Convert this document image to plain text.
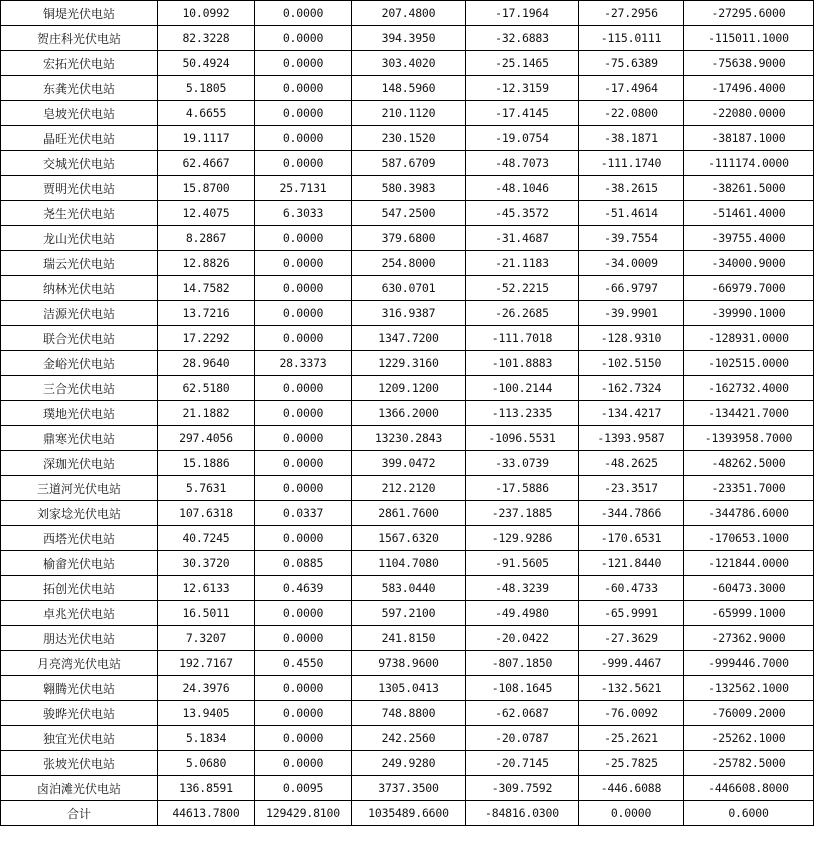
铜堤光伏电站	10.0992	0.0000	207.4800	-17.1964	-27.2956	-27295.6000
贺庄科光伏电站	82.3228	0.0000	394.3950	-32.6883	-115.0111	-115011.1000
宏拓光伏电站	50.4924	0.0000	303.4020	-25.1465	-75.6389	-75638.9000
东龚光伏电站	5.1805	0.0000	148.5960	-12.3159	-17.4964	-17496.4000
皂坡光伏电站	4.6655	0.0000	210.1120	-17.4145	-22.0800	-22080.0000
晶旺光伏电站	19.1117	0.0000	230.1520	-19.0754	-38.1871	-38187.1000
交城光伏电站	62.4667	0.0000	587.6709	-48.7073	-111.1740	-111174.0000
贾明光伏电站	15.8700	25.7131	580.3983	-48.1046	-38.2615	-38261.5000
尧生光伏电站	12.4075	6.3033	547.2500	-45.3572	-51.4614	-51461.4000
龙山光伏电站	8.2867	0.0000	379.6800	-31.4687	-39.7554	-39755.4000
瑞云光伏电站	12.8826	0.0000	254.8000	-21.1183	-34.0009	-34000.9000
纳林光伏电站	14.7582	0.0000	630.0701	-52.2215	-66.9797	-66979.7000
洁源光伏电站	13.7216	0.0000	316.9387	-26.2685	-39.9901	-39990.1000
联合光伏电站	17.2292	0.0000	1347.7200	-111.7018	-128.9310	-128931.0000
金峪光伏电站	28.9640	28.3373	1229.3160	-101.8883	-102.5150	-102515.0000
三合光伏电站	62.5180	0.0000	1209.1200	-100.2144	-162.7324	-162732.4000
璞地光伏电站	21.1882	0.0000	1366.2000	-113.2335	-134.4217	-134421.7000
鼎寒光伏电站	297.4056	0.0000	13230.2843	-1096.5531	-1393.9587	-1393958.7000
深珈光伏电站	15.1886	0.0000	399.0472	-33.0739	-48.2625	-48262.5000
三道河光伏电站	5.7631	0.0000	212.2120	-17.5886	-23.3517	-23351.7000
刘家埝光伏电站	107.6318	0.0337	2861.7600	-237.1885	-344.7866	-344786.6000
西塔光伏电站	40.7245	0.0000	1567.6320	-129.9286	-170.6531	-170653.1000
榆畲光伏电站	30.3720	0.0885	1104.7080	-91.5605	-121.8440	-121844.0000
拓创光伏电站	12.6133	0.4639	583.0440	-48.3239	-60.4733	-60473.3000
卓兆光伏电站	16.5011	0.0000	597.2100	-49.4980	-65.9991	-65999.1000
朋达光伏电站	7.3207	0.0000	241.8150	-20.0422	-27.3629	-27362.9000
月亮湾光伏电站	192.7167	0.4550	9738.9600	-807.1850	-999.4467	-999446.7000
翱腾光伏电站	24.3976	0.0000	1305.0413	-108.1645	-132.5621	-132562.1000
骏晔光伏电站	13.9405	0.0000	748.8800	-62.0687	-76.0092	-76009.2000
独宜光伏电站	5.1834	0.0000	242.2560	-20.0787	-25.2621	-25262.1000
张坡光伏电站	5.0680	0.0000	249.9280	-20.7145	-25.7825	-25782.5000
卤泊滩光伏电站	136.8591	0.0095	3737.3500	-309.7592	-446.6088	-446608.8000
合计	44613.7800	129429.8100	1035489.6600	-84816.0300	0.0000	0.6000
